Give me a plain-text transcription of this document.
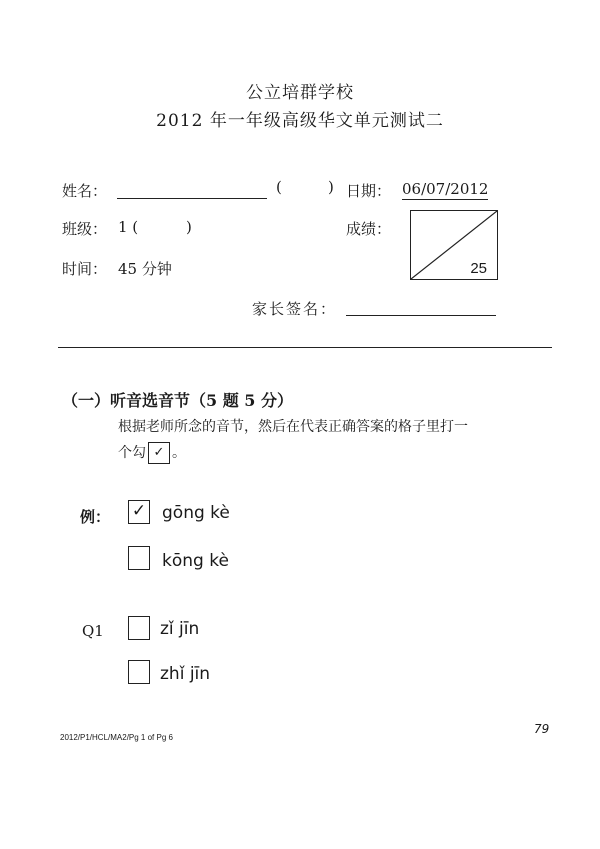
公立培群学校
2012 年一年级高级华文单元测试二
姓名：	(	) 日期： 06/07/2012
班级： 1 (	)	成绩：
25
时间： 45 分钟
家长签名：
（一）听音选音节（5 题 5 分）
根据老师所念的音节，然后在代表正确答案的格子里打一
个勾 ✓ 。
例： ✓ gōng kè
kōng kè
Q1	zǐ jīn
zhǐ jīn
2012/P1/HCL/MA2/Pg 1 of Pg 6
79
